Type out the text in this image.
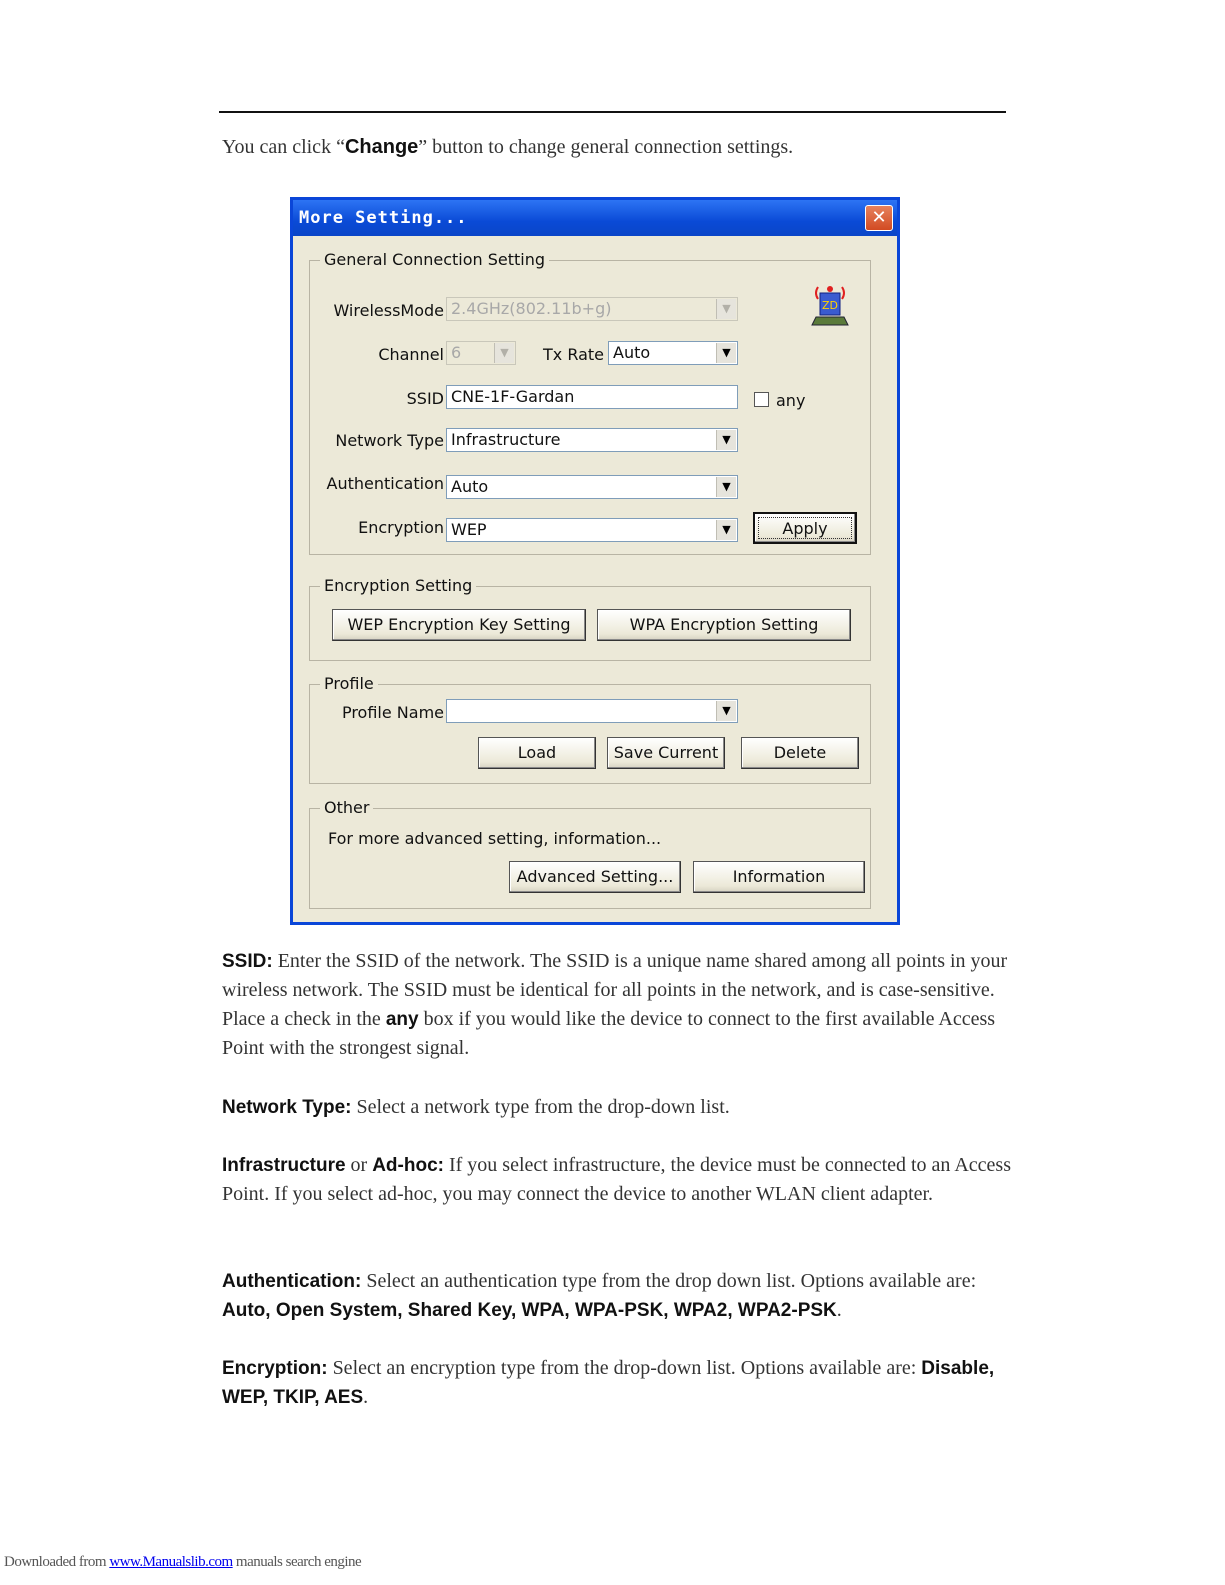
You can click “Change” button to change general connection settings.
More Setting...	✕
General Connection Setting
WirelessMode 2.4GHz(802.11b+g)	▼	ZD
Channel 6	▼	Tx Rate Auto	▼
SSID CNE-1F-Gardan	any
Network Type Infrastructure	▼
Authentication Auto	▼
Encryption WEP	▼	Apply
Encryption Setting
WEP Encryption Key Setting	WPA Encryption Setting
Profile
Profile Name	▼
Load	Save Current	Delete
Other
For more advanced setting, information...
Advanced Setting...	Information
SSID: Enter the SSID of the network. The SSID is a unique name shared among all points in your wireless network. The SSID must be identical for all points in the network, and is case-sensitive. Place a check in the any box if you would like the device to connect to the first available Access Point with the strongest signal.
Network Type: Select a network type from the drop-down list.
Infrastructure or Ad-hoc: If you select infrastructure, the device must be connected to an Access Point. If you select ad-hoc, you may connect the device to another WLAN client adapter.
Authentication: Select an authentication type from the drop down list. Options available are: Auto, Open System, Shared Key, WPA, WPA-PSK, WPA2, WPA2-PSK.
Encryption: Select an encryption type from the drop-down list. Options available are: Disable, WEP, TKIP, AES.
Downloaded from www.Manualslib.com manuals search engine
